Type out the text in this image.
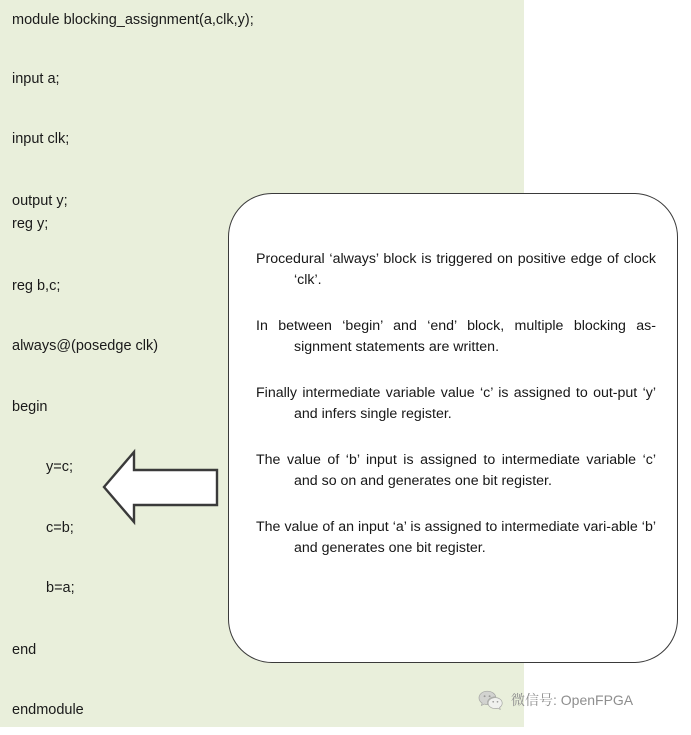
module blocking_assignment(a,clk,y);
input a;
input clk;
output y;
reg y;
reg b,c;
always@(posedge clk)
begin
y=c;
c=b;
b=a;
end
endmodule

Procedural ‘always’ block is triggered on positive edge of clock ‘clk’.

In between ‘begin’ and ‘end’ block, multiple blocking as-signment statements are written.

Finally intermediate variable value ‘c’ is assigned to out-put ‘y’ and infers single register.

The value of ‘b’ input is assigned to intermediate variable ‘c’ and so on and generates one bit register.

The value of an input ‘a’ is assigned to intermediate vari-able ‘b’ and generates one bit register.

微信号: OpenFPGA
